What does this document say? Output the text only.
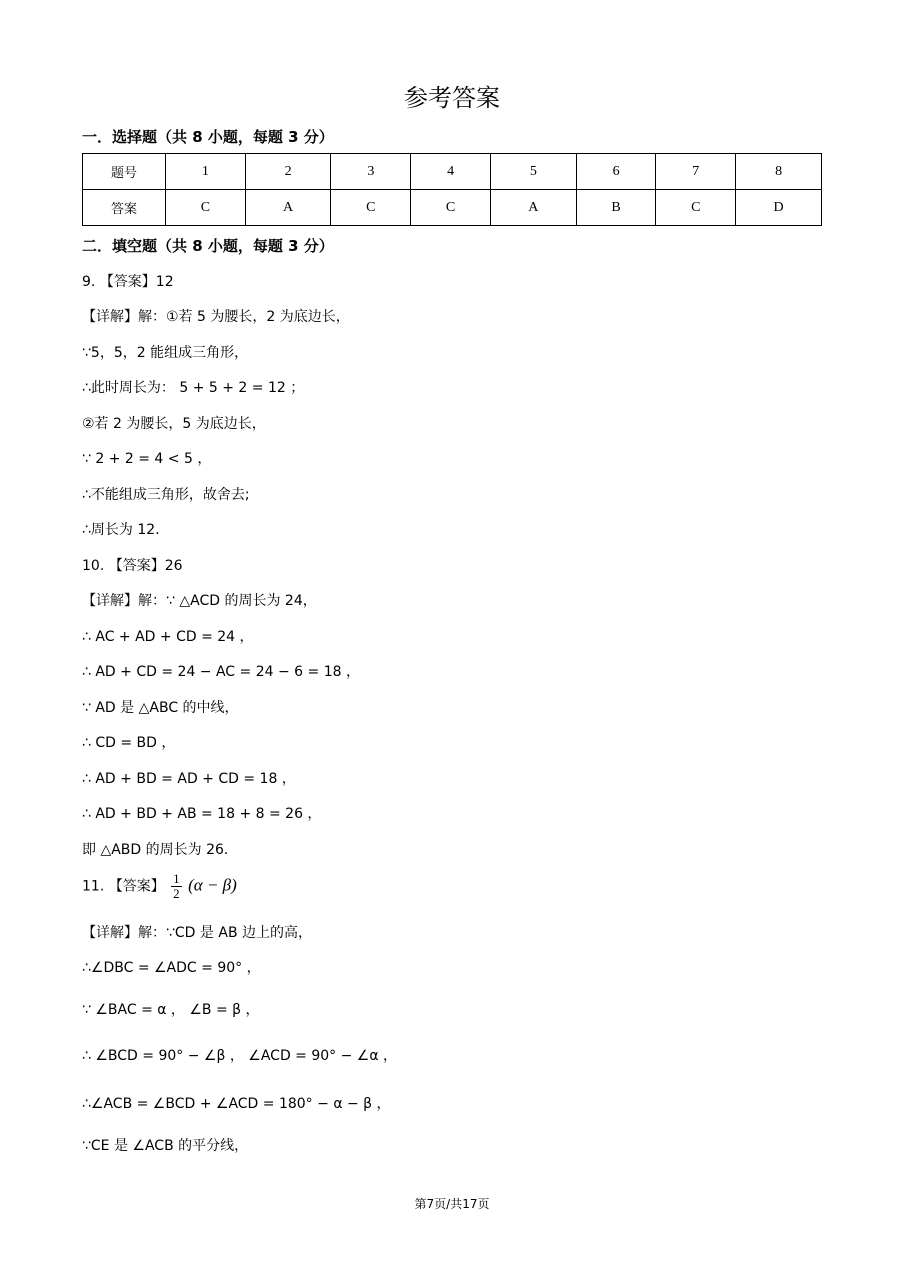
参考答案
一．选择题（共 8 小题，每题 3 分）
题号	1	2	3	4	5	6	7	8
答案	C	A	C	C	A	B	C	D
二．填空题（共 8 小题，每题 3 分）
9. 【答案】12
【详解】解：①若 5 为腰长，2 为底边长，
∵5，5，2 能组成三角形，
∴此时周长为： 5 + 5 + 2 = 12 ；
②若 2 为腰长，5 为底边长，
∵ 2 + 2 = 4 < 5 ，
∴不能组成三角形，故舍去;
∴周长为 12.
10. 【答案】26
【详解】解：∵ △ACD 的周长为 24，
∴ AC + AD + CD = 24 ，
∴ AD + CD = 24 − AC = 24 − 6 = 18 ，
∵ AD 是 △ABC 的中线，
∴ CD = BD ，
∴ AD + BD = AD + CD = 18 ，
∴ AD + BD + AB = 18 + 8 = 26 ，
即 △ABD 的周长为 26.
11. 【答案】 $\frac{1}{2} (\alpha - \beta)$
【详解】解：∵CD 是 AB 边上的高，
∴∠DBC = ∠ADC = 90° ，
∵ ∠BAC = α ， ∠B = β ，
∴ ∠BCD = 90° − ∠β ， ∠ACD = 90° − ∠α ，
∴∠ACB = ∠BCD + ∠ACD = 180° − α − β ，
∵CE 是 ∠ACB 的平分线，
第7页/共17页
